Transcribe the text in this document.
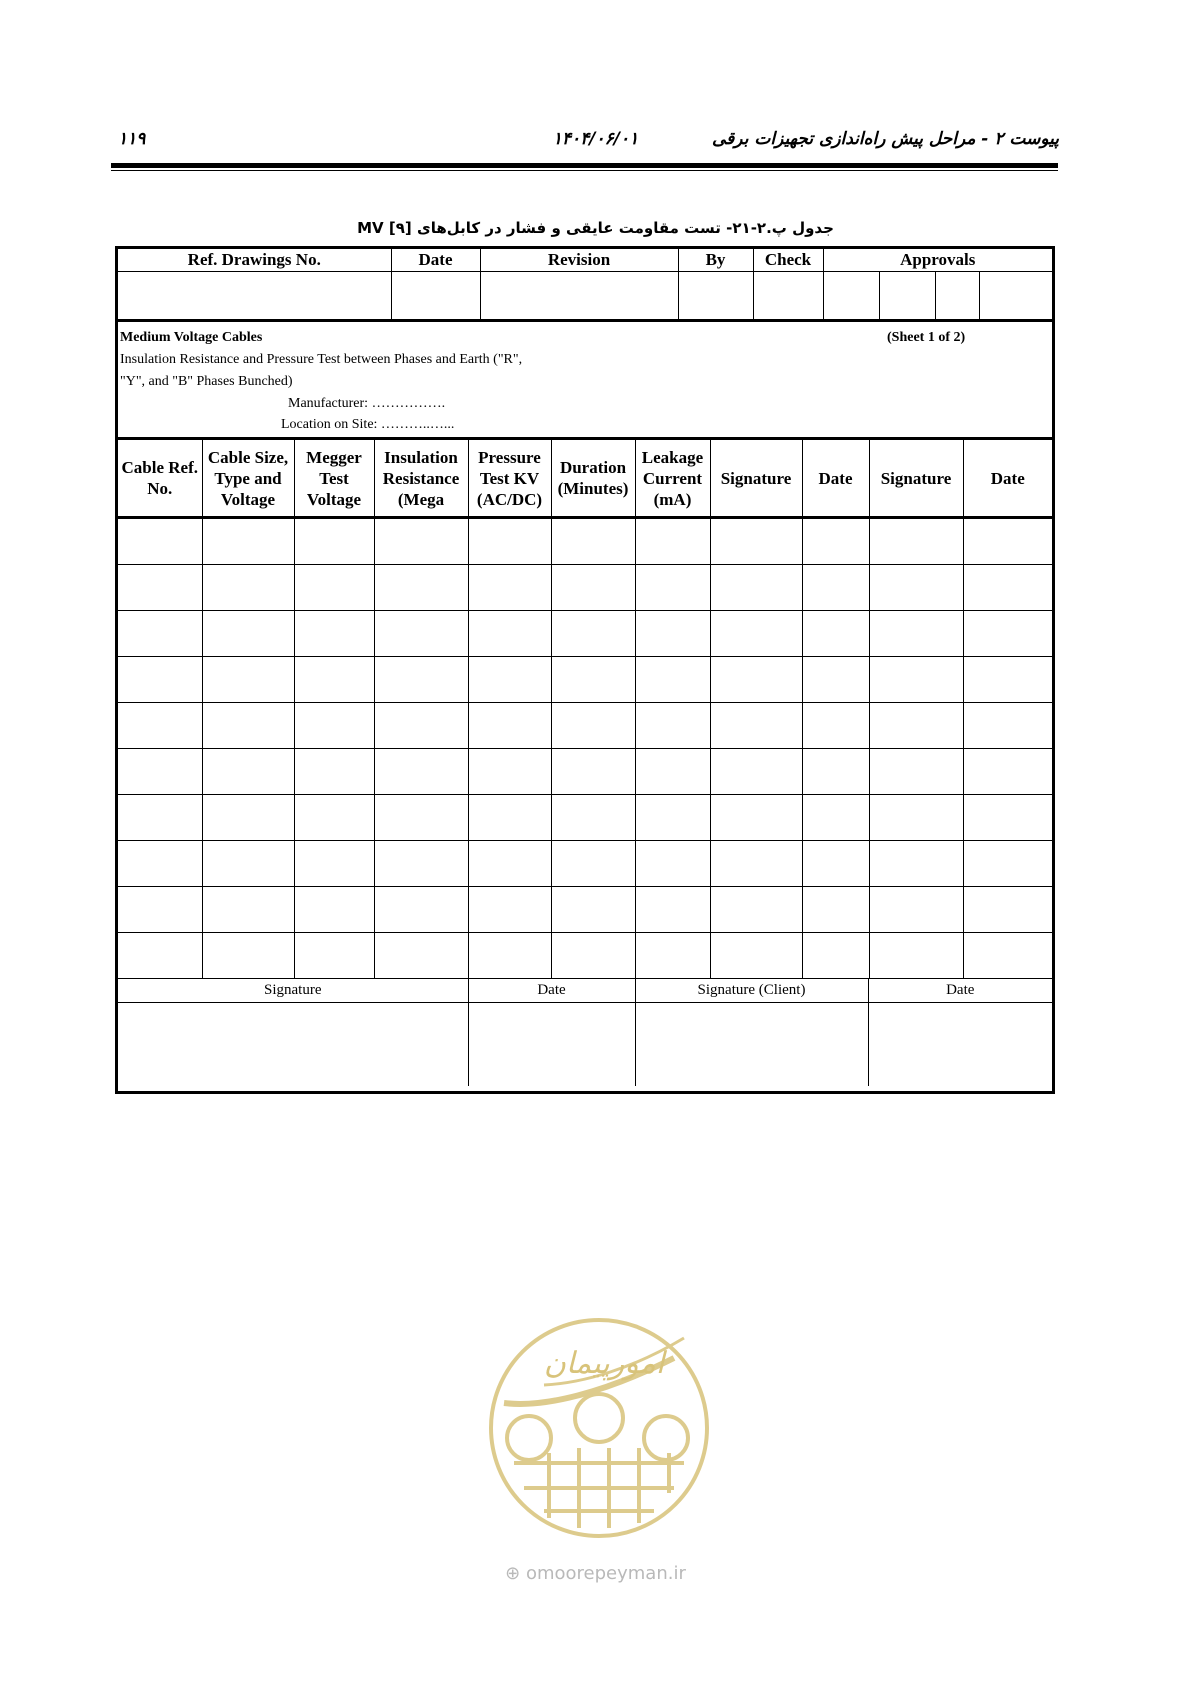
۱۱۹	۱۴۰۴/۰۶/۰۱	پیوست ۲ - مراحل پیش راه‌اندازی تجهیزات برقی
جدول پ.۲-۲۱- تست مقاومت عایقی و فشار در کابل‌های MV [۹]
Ref. Drawings No.	Date	Revision	By	Check	Approvals			

Medium Voltage Cables	(Sheet 1 of 2)
Insulation Resistance and Pressure Test between Phases and Earth ("R",
"Y", and "B" Phases Bunched)
Manufacturer: …………….
Location on Site: ………..…...
Cable Ref.
No.	Cable Size,
Type and
Voltage	Megger
Test
Voltage	Insulation
Resistance
(Mega	Pressure
Test KV
(AC/DC)	Duration
(Minutes)	Leakage
Current
(mA)	Signature	Date	Signature	Date

Signature	Date	Signature (Client)	Date

امورپیمان
⊕ omoorepeyman.ir
